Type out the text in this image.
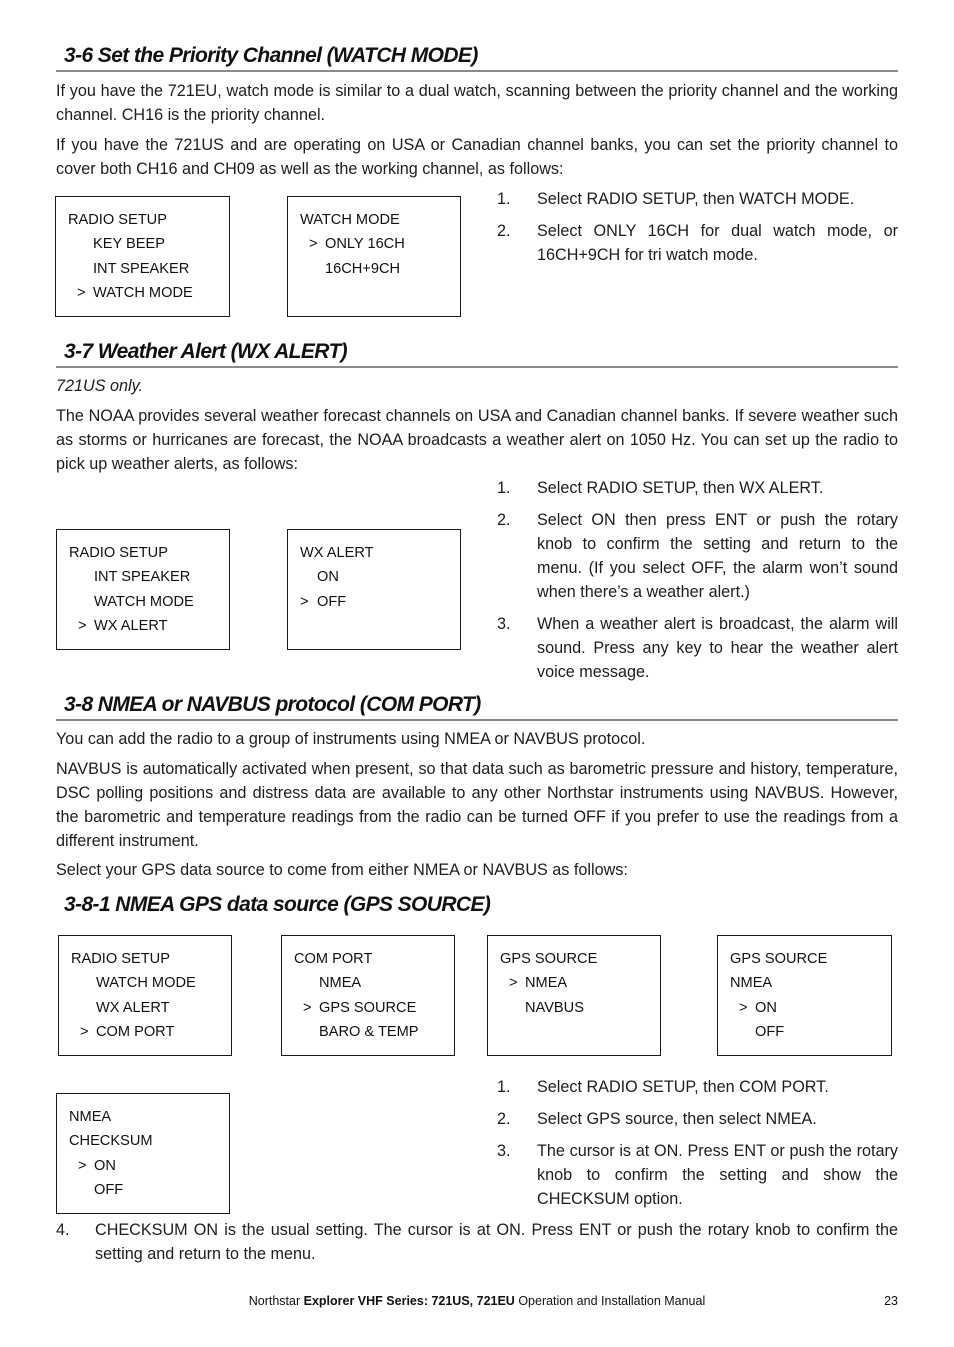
3-6 Set the Priority Channel (WATCH MODE)
If you have the 721EU, watch mode is similar to a dual watch, scanning between the priority channel and the working channel. CH16 is the priority channel.
If you have the 721US and are operating on USA or Canadian channel banks, you can set the priority channel to cover both CH16 and CH09 as well as the working channel, as follows:
RADIO SETUP
KEY BEEP
INT SPEAKER
> WATCH MODE
WATCH MODE
> ONLY 16CH
16CH+9CH
1. Select RADIO SETUP, then WATCH MODE.
2. Select ONLY 16CH for dual watch mode, or 16CH+9CH for tri watch mode.
3-7 Weather Alert (WX ALERT)
721US only.
The NOAA provides several weather forecast channels on USA and Canadian channel banks. If severe weather such as storms or hurricanes are forecast, the NOAA broadcasts a weather alert on 1050 Hz. You can set up the radio to pick up weather alerts, as follows:
RADIO SETUP
INT SPEAKER
WATCH MODE
> WX ALERT
WX ALERT
ON
> OFF
1. Select RADIO SETUP, then WX ALERT.
2. Select ON then press ENT or push the rotary knob to confirm the setting and return to the menu. (If you select OFF, the alarm won’t sound when there’s a weather alert.)
3. When a weather alert is broadcast, the alarm will sound. Press any key to hear the weather alert voice message.
3-8 NMEA or NAVBUS protocol (COM PORT)
You can add the radio to a group of instruments using NMEA or NAVBUS protocol.
NAVBUS is automatically activated when present, so that data such as barometric pressure and history, temperature, DSC polling positions and distress data are available to any other Northstar instruments using NAVBUS. However, the barometric and temperature readings from the radio can be turned OFF if you prefer to use the readings from a different instrument.
Select your GPS data source to come from either NMEA or NAVBUS as follows:
3-8-1 NMEA GPS data source (GPS SOURCE)
RADIO SETUP
WATCH MODE
WX ALERT
> COM PORT
COM PORT
NMEA
> GPS SOURCE
BARO & TEMP
GPS SOURCE
> NMEA
NAVBUS
GPS SOURCE
NMEA
> ON
OFF
NMEA
CHECKSUM
> ON
OFF
1. Select RADIO SETUP, then COM PORT.
2. Select GPS source, then select NMEA.
3. The cursor is at ON. Press ENT or push the rotary knob to confirm the setting and show the CHECKSUM option.
4.	CHECKSUM ON is the usual setting. The cursor is at ON. Press ENT or push the rotary knob to confirm the setting and return to the menu.
Northstar Explorer VHF Series: 721US, 721EU Operation and Installation Manual	23
